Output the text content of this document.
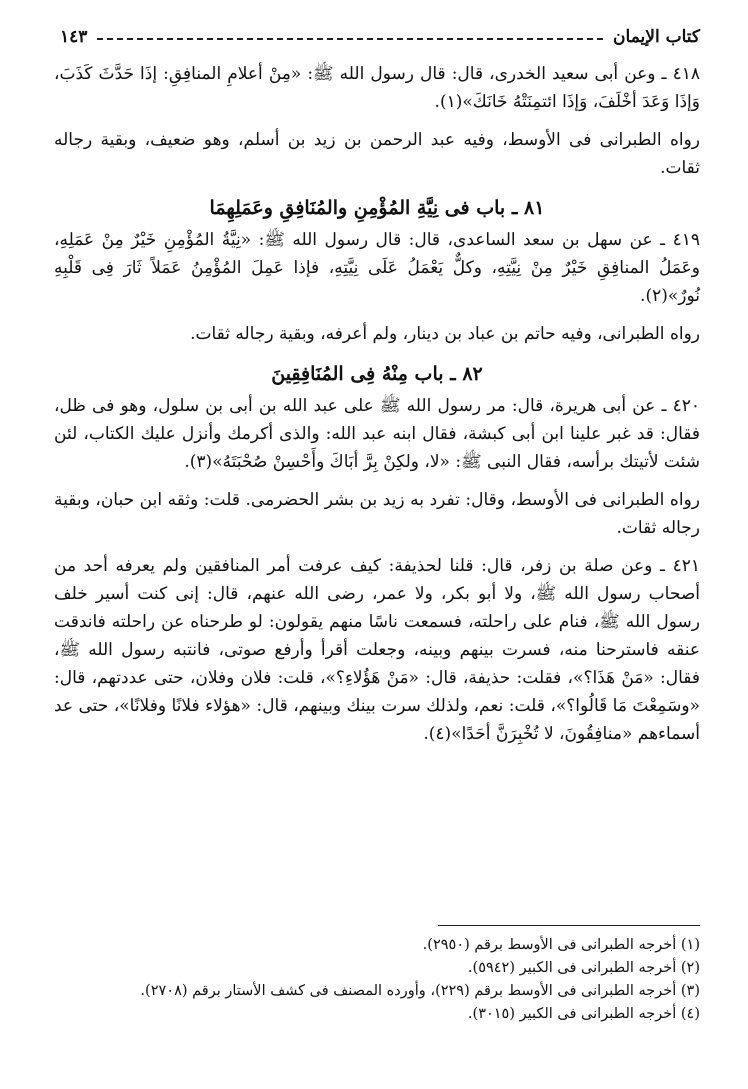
كتاب الإيمان
١٤٣

٤١٨ ـ وعن أبى سعيد الخدرى، قال: قال رسول الله ﷺ: «مِنْ أعلامِ المنافِقِ: إذَا حَدَّثَ كَذَبَ، وَإذَا وَعَدَ أخْلَفَ، وَإذَا ائتمِنَتْهُ خَانَكَ»(١).

رواه الطبرانى فى الأوسط، وفيه عبد الرحمن بن زيد بن أسلم، وهو ضعيف، وبقية رجاله ثقات.

٨١ ـ باب فى نِيَّةِ المُؤْمِنِ والمُنَافِقِ وعَمَلِهِمَا

٤١٩ ـ عن سهل بن سعد الساعدى، قال: قال رسول الله ﷺ: «نِيَّةُ المُؤْمِنِ خَيْرٌ مِنْ عَمَلِهِ، وعَمَلُ المنافِقِ خَيْرٌ مِنْ نِيَّتِهِ، وكلٌّ يَعْمَلُ عَلَى نِيَّتِهِ، فإذا عَمِلَ المُؤْمِنُ عَمَلاً ثَارَ فِى قَلْبِهِ نُورٌ»(٢).

رواه الطبرانى، وفيه حاتم بن عباد بن دينار، ولم أعرفه، وبقية رجاله ثقات.

٨٢ ـ باب مِنْهُ فِى المُنَافِقِينَ

٤٢٠ ـ عن أبى هريرة، قال: مر رسول الله ﷺ على عبد الله بن أبى بن سلول، وهو فى ظل، فقال: قد غبر علينا ابن أبى كبشة، فقال ابنه عبد الله: والذى أكرمك وأنزل عليك الكتاب، لئن شئت لأتيتك برأسه، فقال النبى ﷺ: «لا، ولكِنْ بِرَّ أبَاكَ وأَحْسِنْ صُحْبَتَهُ»(٣).

رواه الطبرانى فى الأوسط، وقال: تفرد به زيد بن بشر الحضرمى. قلت: وثقه ابن حبان، وبقية رجاله ثقات.

٤٢١ ـ وعن صلة بن زفر، قال: قلنا لحذيفة: كيف عرفت أمر المنافقين ولم يعرفه أحد من أصحاب رسول الله ﷺ، ولا أبو بكر، ولا عمر، رضى الله عنهم، قال: إنى كنت أسير خلف رسول الله ﷺ، فنام على راحلته، فسمعت ناسًا منهم يقولون: لو طرحناه عن راحلته فاندقت عنقه فاسترحنا منه، فسرت بينهم وبينه، وجعلت أقرأ وأرفع صوتى، فانتبه رسول الله ﷺ، فقال: «مَنْ هَذَا؟»، فقلت: حذيفة، قال: «مَنْ هَؤُلاءِ؟»، قلت: فلان وفلان، حتى عددتهم، قال: «وسَمِعْتَ مَا قَالُوا؟»، قلت: نعم، ولذلك سرت بينك وبينهم، قال: «هؤلاء فلانًا وفلانًا»، حتى عد أسماءهم «منافِقُونَ، لا تُخْبِرَنَّ أحَدًا»(٤).

(١) أخرجه الطبرانى فى الأوسط برقم (٢٩٥٠).

(٢) أخرجه الطبرانى فى الكبير (٥٩٤٢).

(٣) أخرجه الطبرانى فى الأوسط برقم (٢٢٩)، وأورده المصنف فى كشف الأستار برقم (٢٧٠٨).

(٤) أخرجه الطبرانى فى الكبير (٣٠١٥).
